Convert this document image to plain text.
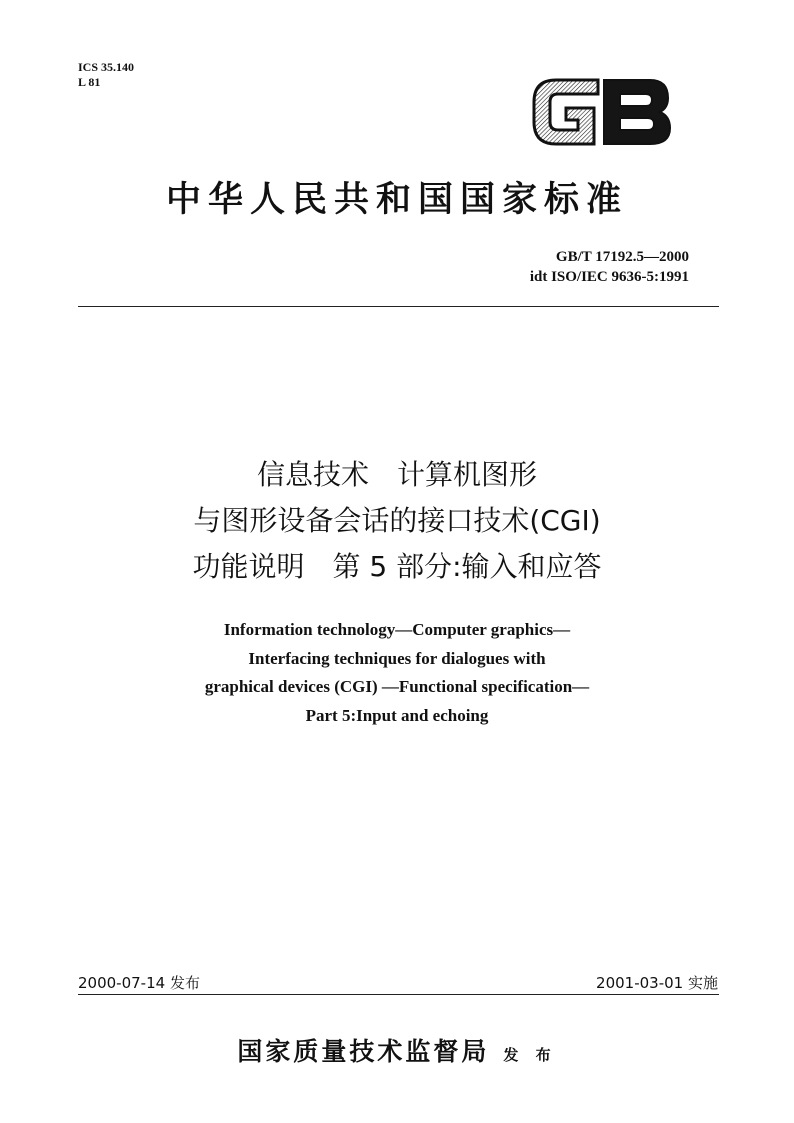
ICS 35.140
L 81
GB
中华人民共和国国家标准
GB/T 17192.5—2000
idt ISO/IEC 9636-5:1991
信息技术　计算机图形
与图形设备会话的接口技术(CGI)
功能说明　第 5 部分:输入和应答
Information technology—Computer graphics—
Interfacing techniques for dialogues with
graphical devices (CGI) —Functional specification—
Part 5:Input and echoing
2000-07-14 发布	2001-03-01 实施
国家质量技术监督局 发 布
